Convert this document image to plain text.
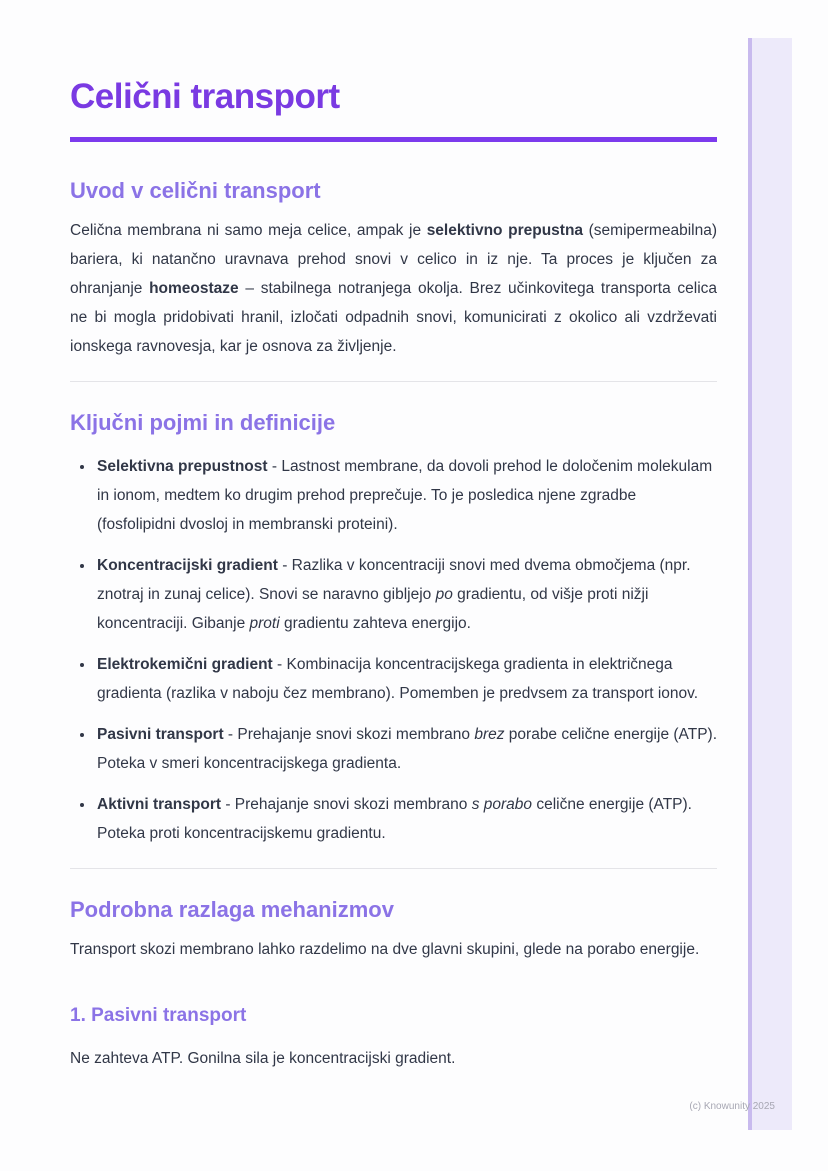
Celični transport
Uvod v celični transport

Celična membrana ni samo meja celice, ampak je selektivno prepustna (semipermeabilna) bariera, ki natančno uravnava prehod snovi v celico in iz nje. Ta proces je ključen za ohranjanje homeostaze – stabilnega notranjega okolja. Brez učinkovitega transporta celica ne bi mogla pridobivati hranil, izločati odpadnih snovi, komunicirati z okolico ali vzdrževati ionskega ravnovesja, kar je osnova za življenje.

Ključni pojmi in definicije
• Selektivna prepustnost - Lastnost membrane, da dovoli prehod le določenim molekulam in ionom, medtem ko drugim prehod preprečuje. To je posledica njene zgradbe (fosfolipidni dvosloj in membranski proteini).
• Koncentracijski gradient - Razlika v koncentraciji snovi med dvema območjema (npr. znotraj in zunaj celice). Snovi se naravno gibljejo po gradientu, od višje proti nižji koncentraciji. Gibanje proti gradientu zahteva energijo.
• Elektrokemični gradient - Kombinacija koncentracijskega gradienta in električnega gradienta (razlika v naboju čez membrano). Pomemben je predvsem za transport ionov.
• Pasivni transport - Prehajanje snovi skozi membrano brez porabe celične energije (ATP). Poteka v smeri koncentracijskega gradienta.
• Aktivni transport - Prehajanje snovi skozi membrano s porabo celične energije (ATP). Poteka proti koncentracijskemu gradientu.
Podrobna razlaga mehanizmov

Transport skozi membrano lahko razdelimo na dve glavni skupini, glede na porabo energije.

1. Pasivni transport

Ne zahteva ATP. Gonilna sila je koncentracijski gradient.

(c) Knowunity 2025
